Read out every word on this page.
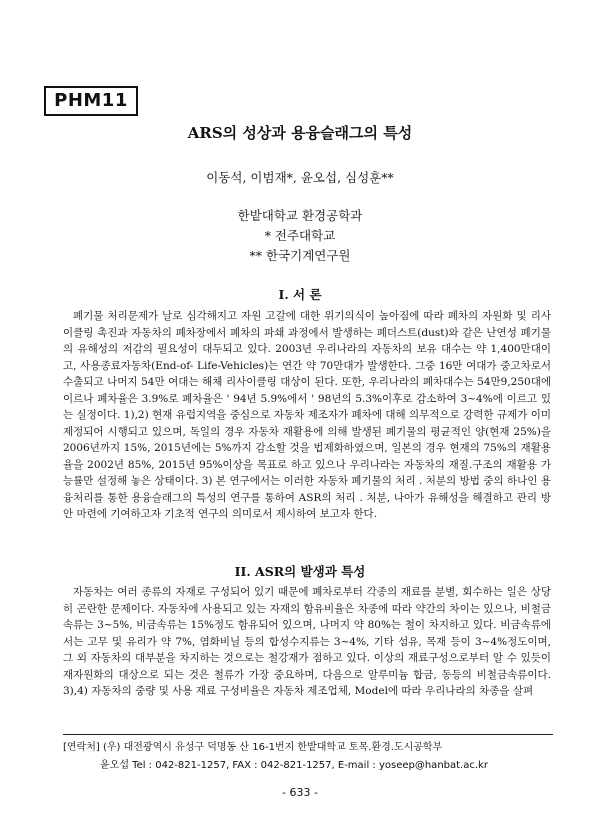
PHM11
ARS의 성상과 용융슬래그의 특성
이동석, 이범재*, 윤오섭, 심성훈**
한밭대학교 환경공학과
* 전주대학교
** 한국기계연구원
I. 서 론

폐기물 처리문제가 날로 심각해지고 자원 고갈에 대한 위기의식이 높아짐에 따라 폐차의 자원화 및 리사이클링 촉진과 자동차의 폐차장에서 폐차의 파쇄 과정에서 발생하는 폐더스트(dust)와 같은 난연성 폐기물의 유해성의 저감의 필요성이 대두되고 있다. 2003년 우리나라의 자동차의 보유 대수는 약 1,400만대이고, 사용종료자동차(End-of- Life-Vehicles)는 연간 약 70만대가 발생한다. 그중 16만 여대가 중고차로서 수출되고 나머지 54만 여대는 해체 리사이클링 대상이 된다. 또한, 우리나라의 폐차대수는 54만9,250대에 이르나 폐차율은 3.9%로 폐차율은 ' 94년 5.9%에서 ' 98년의 5.3%이후로 감소하여 3~4%에 이르고 있는 실정이다. 1),2) 현재 유럽지역을 중심으로 자동차 제조자가 폐차에 대해 의무적으로 강력한 규제가 이미 제정되어 시행되고 있으며, 독일의 경우 자동차 재활용에 의해 발생된 폐기물의 평균적인 양(현재 25%)을 2006년까지 15%, 2015년에는 5%까지 감소할 것을 법제화하였으며, 일본의 경우 현재의 75%의 재활용율을 2002년 85%, 2015년 95%이상을 목표로 하고 있으나 우리나라는 자동차의 재질.구조의 재활용 가능률만 설정해 놓은 상태이다. 3) 본 연구에서는 이러한 자동차 폐기물의 처리 . 처분의 방법 중의 하나인 용융처리를 통한 용융슬래그의 특성의 연구를 통하여 ASR의 처리 . 처분, 나아가 유해성을 해결하고 관리 방안 마련에 기여하고자 기초적 연구의 의미로서 제시하여 보고자 한다.

II. ASR의 발생과 특성

자동차는 여러 종류의 자재로 구성되어 있기 때문에 폐차로부터 각종의 재료를 분별, 회수하는 일은 상당히 곤란한 문제이다. 자동차에 사용되고 있는 자재의 함유비율은 차종에 따라 약간의 차이는 있으나, 비철금속류는 3~5%, 비금속류는 15%정도 함유되어 있으며, 나머지 약 80%는 철이 차지하고 있다. 비금속류에서는 고무 및 유리가 약 7%, 염화비닐 등의 합성수지류는 3~4%, 기타 섬유, 목재 등이 3~4%정도이며, 그 외 자동차의 대부분을 차지하는 것으로는 철강재가 점하고 있다. 이상의 재료구성으로부터 알 수 있듯이 재자원화의 대상으로 되는 것은 철류가 가장 중요하며, 다음으로 알루미늄 합금, 동등의 비철금속류이다. 3),4) 자동차의 중량 및 사용 재료 구성비율은 자동차 제조업체, Model에 따라 우리나라의 차종을 살펴

[연락처] (우) 대전광역시 유성구 덕명동 산 16-1번지 한밭대학교 토목.환경.도시공학부
윤오섭 Tel : 042-821-1257, FAX : 042-821-1257, E-mail : yoseep@hanbat.ac.kr
- 633 -
